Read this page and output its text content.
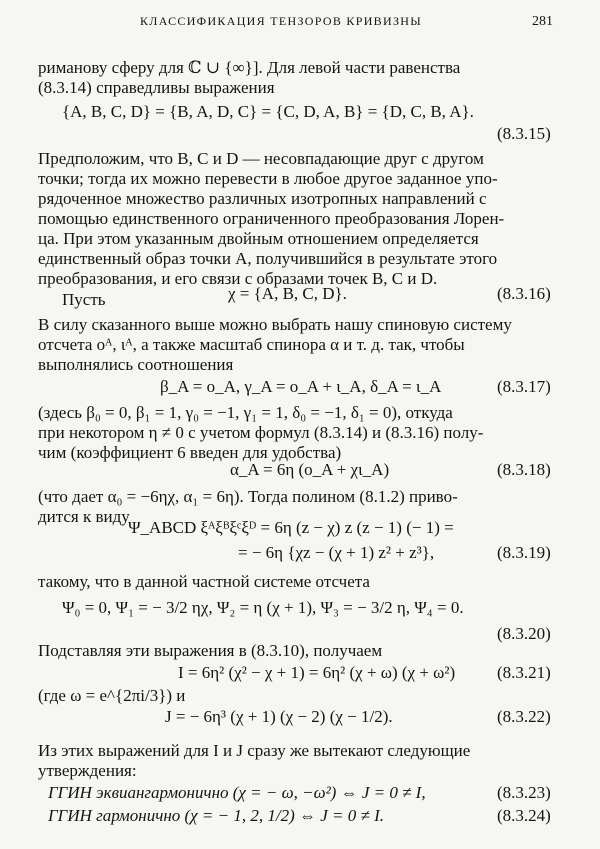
КЛАССИФИКАЦИЯ ТЕНЗОРОВ КРИВИЗНЫ	281
риманову сферу для ℂ ∪ {∞}]. Для левой части равенства
(8.3.14) справедливы выражения
{A, B, C, D} = {B, A, D, C} = {C, D, A, B} = {D, C, B, A}.
(8.3.15)
Предположим, что B, C и D — несовпадающие друг с другом
точки; тогда их можно перевести в любое другое заданное упо-
рядоченное множество различных изотропных направлений с
помощью единственного ограниченного преобразования Лорен-
ца. При этом указанным двойным отношением определяется
единственный образ точки A, получившийся в результате этого
преобразования, и его связи с образами точек B, C и D.
Пусть	χ = {A, B, C, D}.	(8.3.16)
В силу сказанного выше можно выбрать нашу спиновую систему
отсчета oᴬ, ιᴬ, а также масштаб спинора α и т. д. так, чтобы
выполнялись соотношения
β_A = o_A, γ_A = o_A + ι_A, δ_A = ι_A	(8.3.17)
(здесь β₀ = 0, β₁ = 1, γ₀ = −1, γ₁ = 1, δ₀ = −1, δ₁ = 0), откуда
при некотором η ≠ 0 с учетом формул (8.3.14) и (8.3.16) полу-
чим (коэффициент 6 введен для удобства)
α_A = 6η (o_A + χι_A)	(8.3.18)
(что дает α₀ = −6ηχ, α₁ = 6η). Тогда полином (8.1.2) приво-
дится к виду
Ψ_ABCD ξᴬξᴮξᶜξᴰ = 6η (z − χ) z (z − 1) (− 1) =
= − 6η {χz − (χ + 1) z² + z³},	(8.3.19)
такому, что в данной частной системе отсчета
Ψ₀ = 0, Ψ₁ = − 3/2 ηχ, Ψ₂ = η (χ + 1), Ψ₃ = − 3/2 η, Ψ₄ = 0.
(8.3.20)
Подставляя эти выражения в (8.3.10), получаем
I = 6η² (χ² − χ + 1) = 6η² (χ + ω) (χ + ω²) (8.3.21)
(где ω = e^{2πi/3}) и
J = − 6η³ (χ + 1) (χ − 2) (χ − 1/2).	(8.3.22)
Из этих выражений для I и J сразу же вытекают следующие
утверждения:
ГГИН эквиангармонично (χ = − ω, −ω²) ⇔ J = 0 ≠ I,	(8.3.23)
ГГИН гармонично (χ = − 1, 2, 1/2) ⇔ J = 0 ≠ I.	(8.3.24)
